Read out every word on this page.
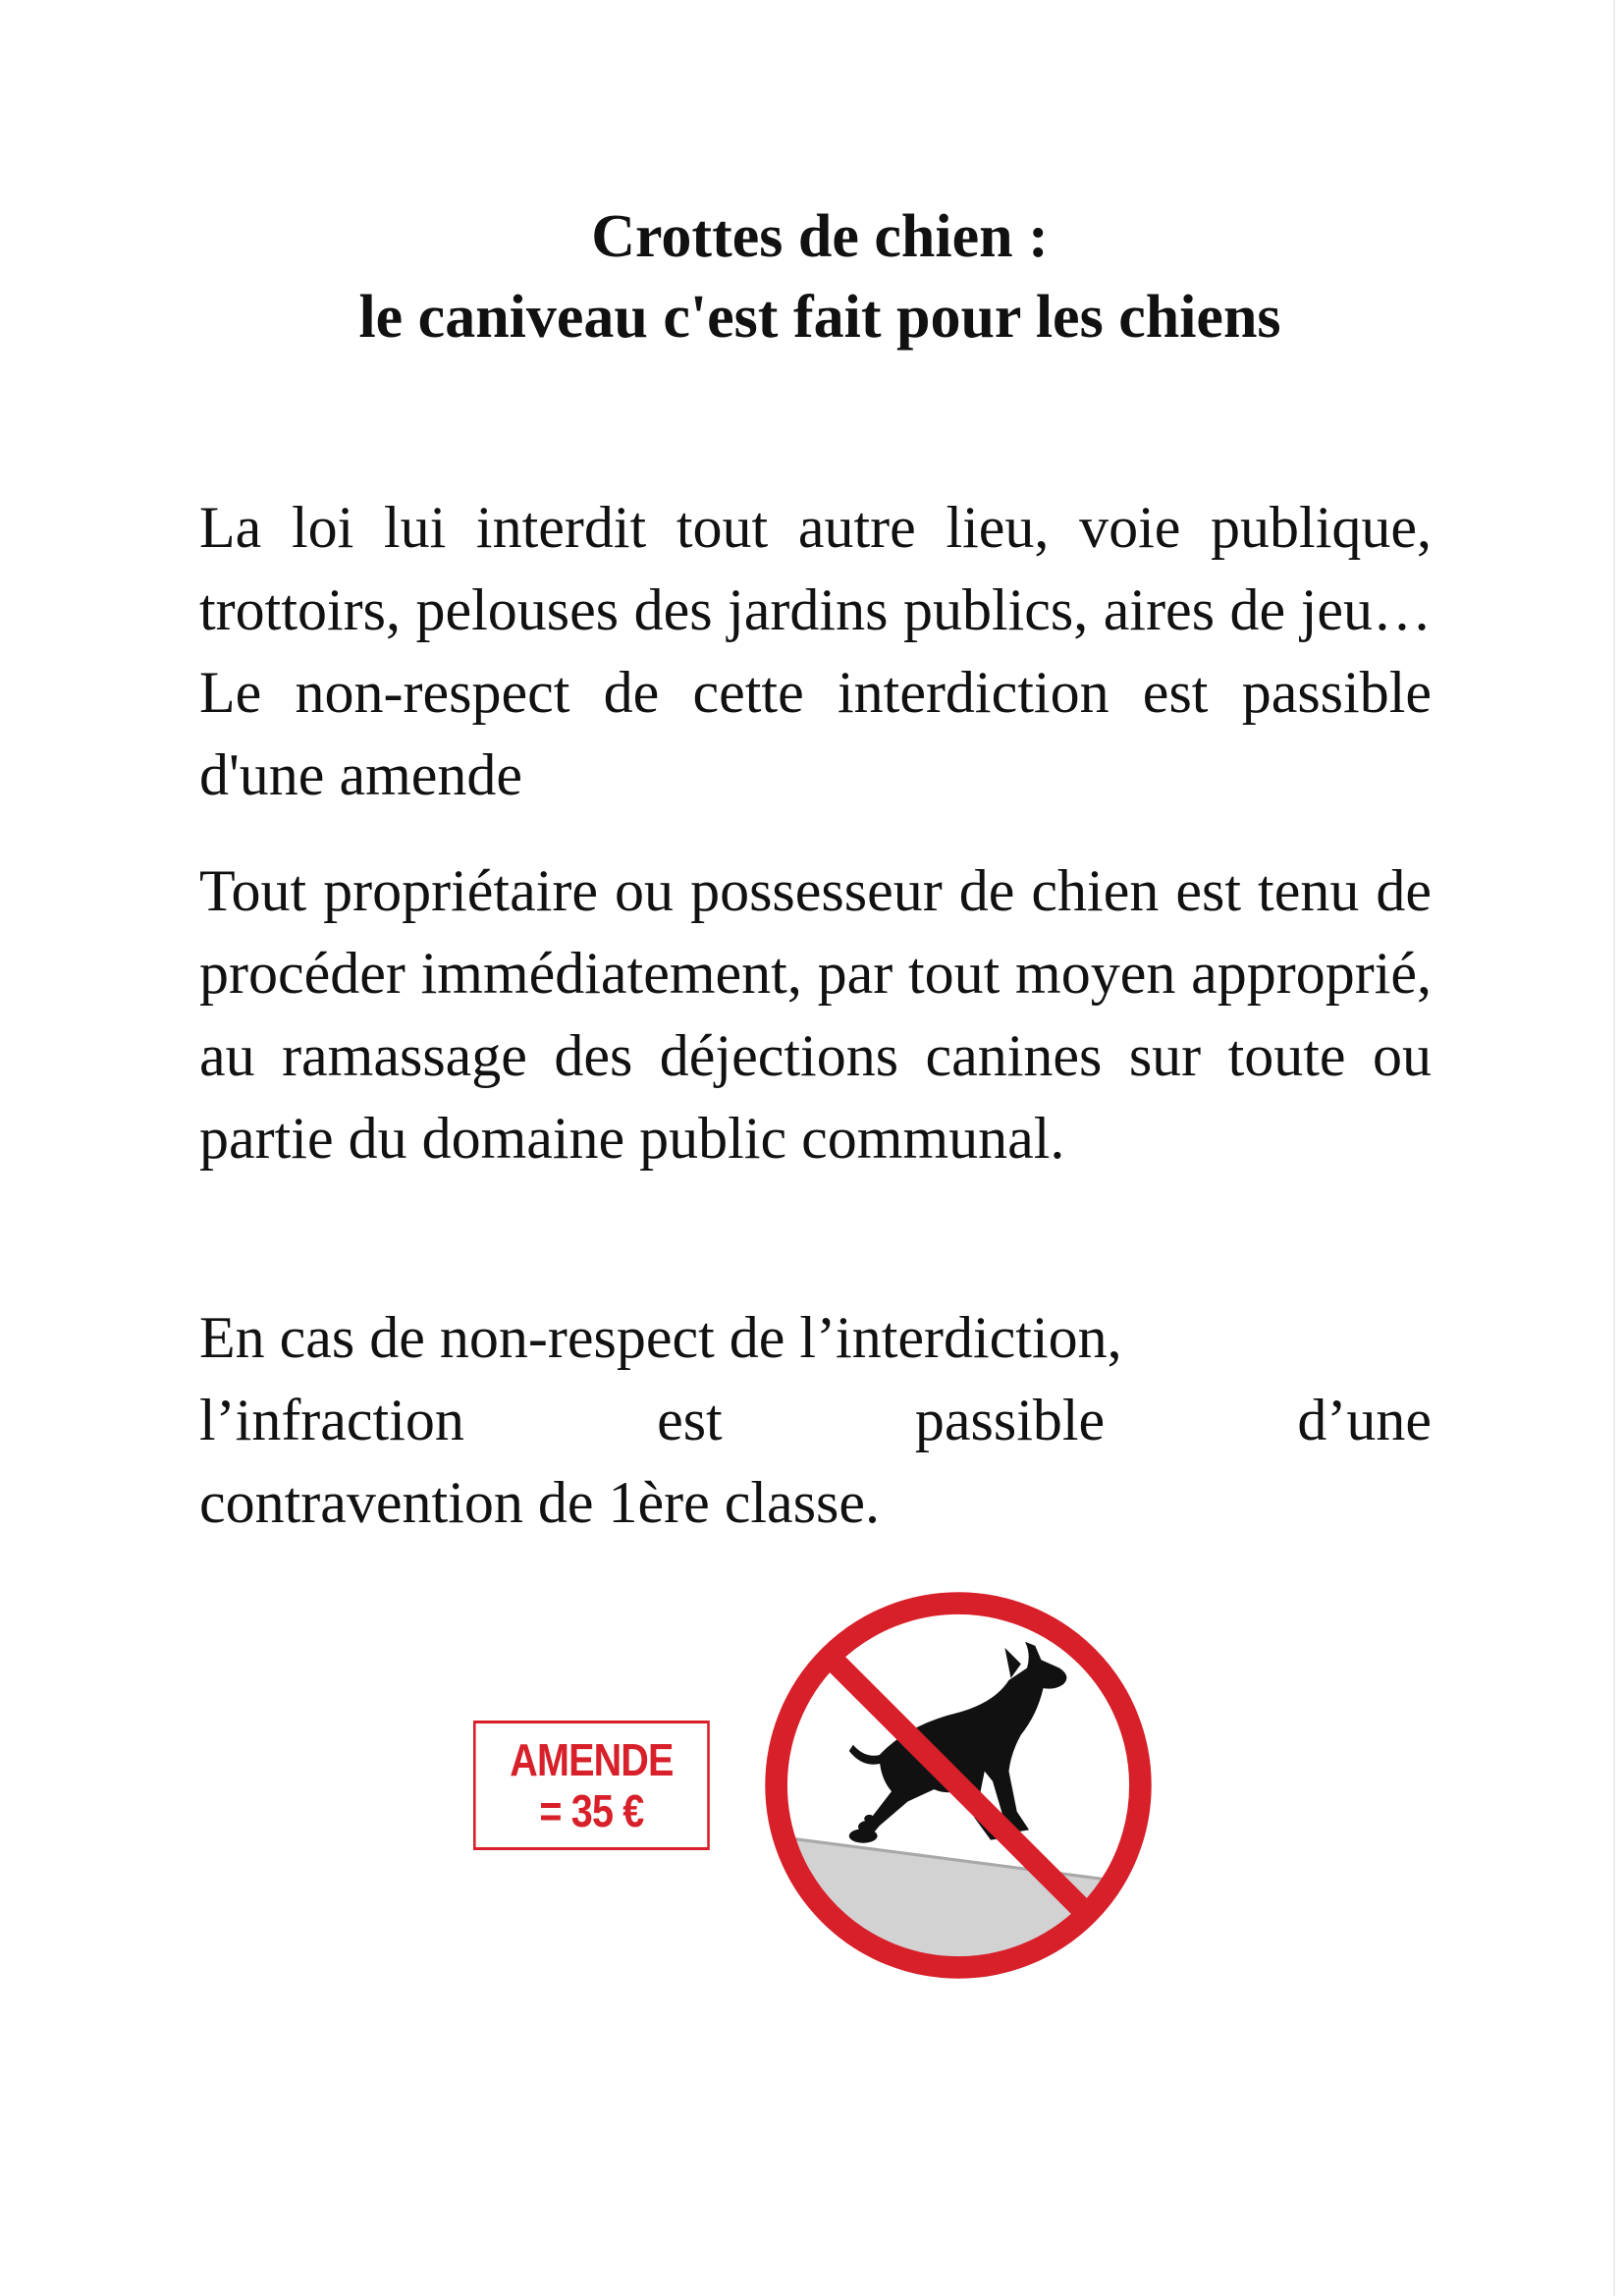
Crottes de chien :
le caniveau c'est fait pour les chiens
La loi lui interdit tout autre lieu, voie publique, trottoirs, pelouses des jardins publics, aires de jeu… Le non-respect de cette interdiction est passible d'une amende
Tout propriétaire ou possesseur de chien est tenu de procéder immédiatement, par tout moyen approprié, au ramassage des déjections canines sur toute ou partie du domaine public communal.
En cas de non-respect de l’interdiction,
l’infraction	est	passible	d’une
contravention de 1ère classe.
AMENDE
= 35 €
